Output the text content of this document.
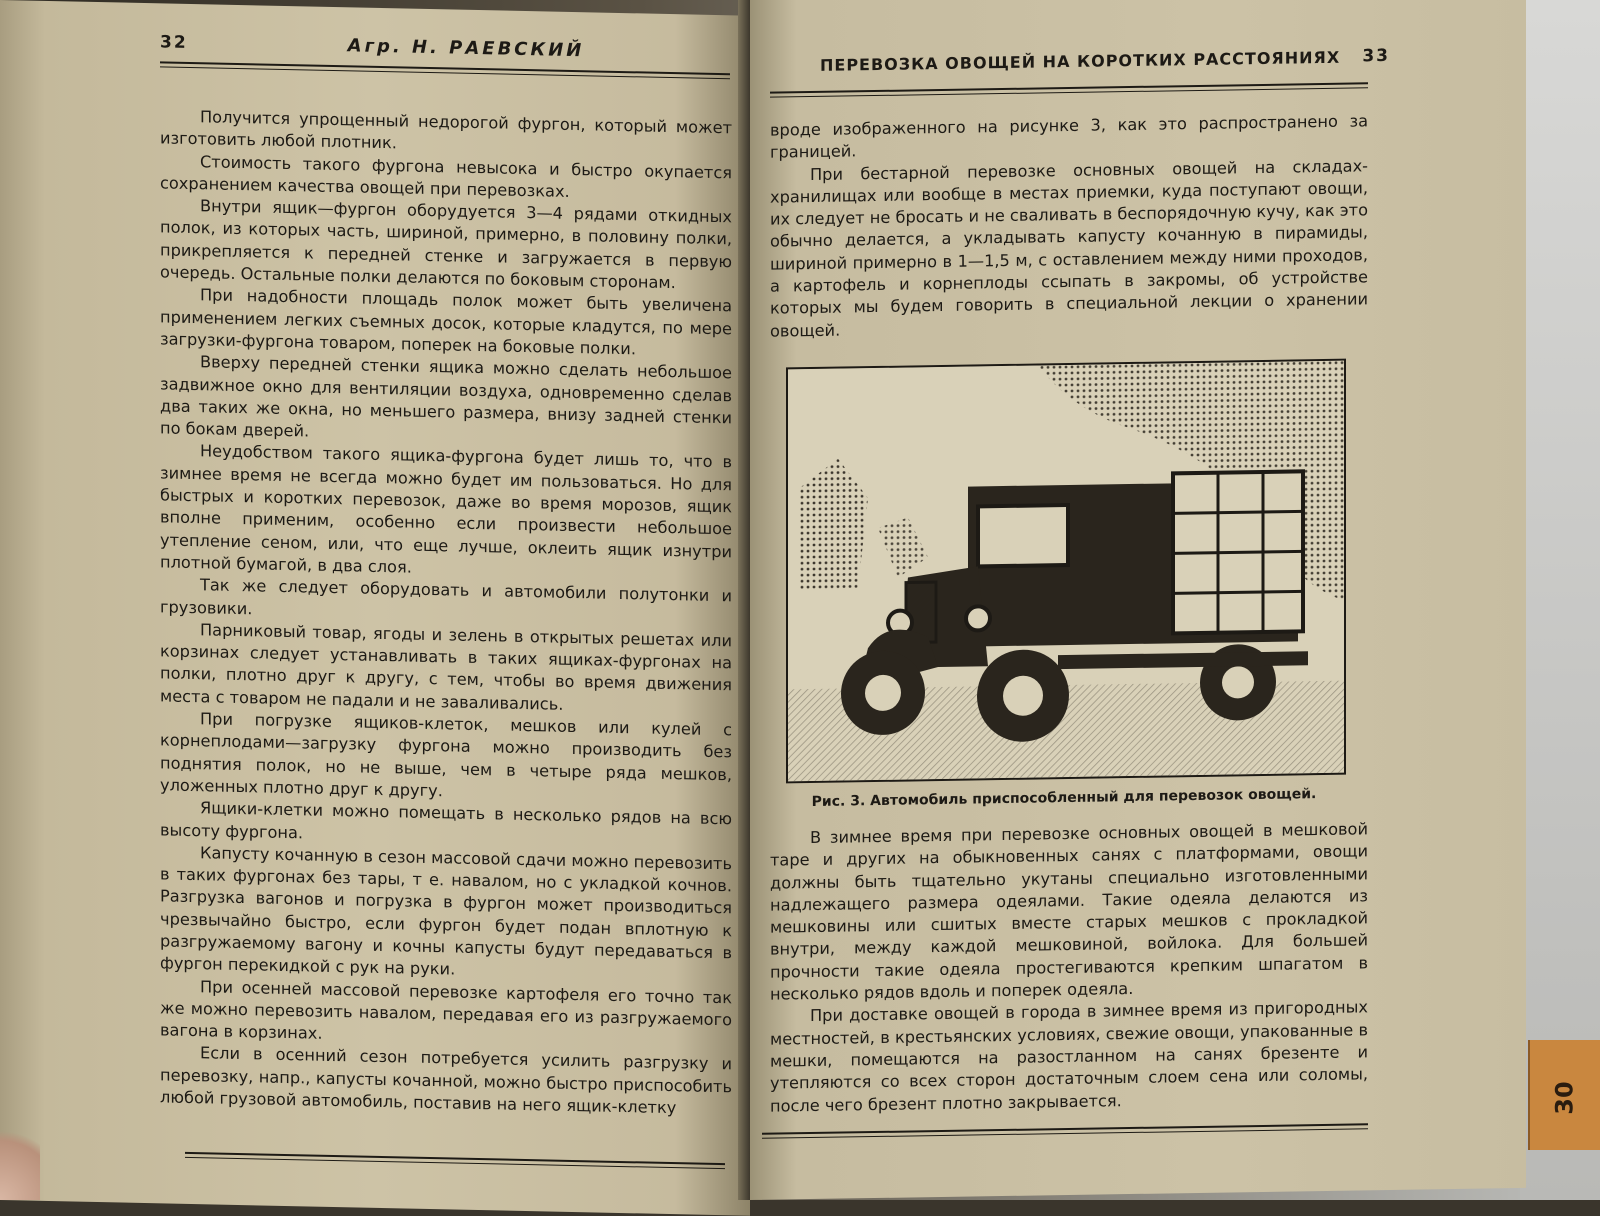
32	Агр. Н. РАЕВСКИЙ

Получится упрощенный недорогой фургон, который может изготовить любой плотник.

Стоимость такого фургона невысока и быстро окупается сохранением качества овощей при перевозках.

Внутри ящик—фургон оборудуется 3—4 рядами откидных полок, из которых часть, шириной, примерно, в половину полки, прикрепляется к передней стенке и загружается в первую очередь. Остальные полки делаются по боковым сторонам.

При надобности площадь полок может быть увеличена применением легких съемных досок, которые кладутся, по мере загрузки-фургона товаром, поперек на боковые полки.

Вверху передней стенки ящика можно сделать небольшое задвижное окно для вентиляции воздуха, одновременно сделав два таких же окна, но меньшего размера, внизу задней стенки по бокам дверей.

Неудобством такого ящика-фургона будет лишь то, что в зимнее время не всегда можно будет им пользоваться. Но для быстрых и коротких перевозок, даже во время морозов, ящик вполне применим, особенно если произвести небольшое утепление сеном, или, что еще лучше, оклеить ящик изнутри плотной бумагой, в два слоя.

Так же следует оборудовать и автомобили полутонки и грузовики.

Парниковый товар, ягоды и зелень в открытых решетах или корзинах следует устанавливать в таких ящиках-фургонах на полки, плотно друг к другу, с тем, чтобы во время движения места с товаром не падали и не заваливались.

При погрузке ящиков-клеток, мешков или кулей с корнеплодами—загрузку фургона можно производить без поднятия полок, но не выше, чем в четыре ряда мешков, уложенных плотно друг к другу.

Ящики-клетки можно помещать в несколько рядов на всю высоту фургона.

Капусту кочанную в сезон массовой сдачи можно перевозить в таких фургонах без тары, т е. навалом, но с укладкой кочнов. Разгрузка вагонов и погрузка в фургон может производиться чрезвычайно быстро, если фургон будет подан вплотную к разгружаемому вагону и кочны капусты будут передаваться в фургон перекидкой с рук на руки.

При осенней массовой перевозке картофеля его точно так же можно перевозить навалом, передавая его из разгружаемого вагона в корзинах.

Если в осенний сезон потребуется усилить разгрузку и перевозку, напр., капусты кочанной, можно быстро приспособить любой грузовой автомобиль, поставив на него ящик-клетку

ПЕРЕВОЗКА ОВОЩЕЙ НА КОРОТКИХ РАССТОЯНИЯХ 33

вроде изображенного на рисунке 3, как это распространено за границей.

При бестарной перевозке основных овощей на складах-хранилищах или вообще в местах приемки, куда поступают овощи, их следует не бросать и не сваливать в беспорядочную кучу, как это обычно делается, а укладывать капусту кочанную в пирамиды, шириной примерно в 1—1,5 м, с оставлением между ними проходов, а картофель и корнеплоды ссыпать в закромы, об устройстве которых мы будем говорить в специальной лекции о хранении овощей.

Рис. 3. Автомобиль приспособленный для перевозок овощей.

В зимнее время при перевозке основных овощей в мешковой таре и других на обыкновенных санях с платформами, овощи должны быть тщательно укутаны специально изготовленными надлежащего размера одеялами. Такие одеяла делаются из мешковины или сшитых вместе старых мешков с прокладкой внутри, между каждой мешковиной, войлока. Для большей прочности такие одеяла простегиваются крепким шпагатом в несколько рядов вдоль и поперек одеяла.

При доставке овощей в города в зимнее время из пригородных местностей, в крестьянских условиях, свежие овощи, упакованные в мешки, помещаются на разостланном на санях брезенте и утепляются со всех сторон достаточным слоем сена или соломы, после чего брезент плотно закрывается.	30
